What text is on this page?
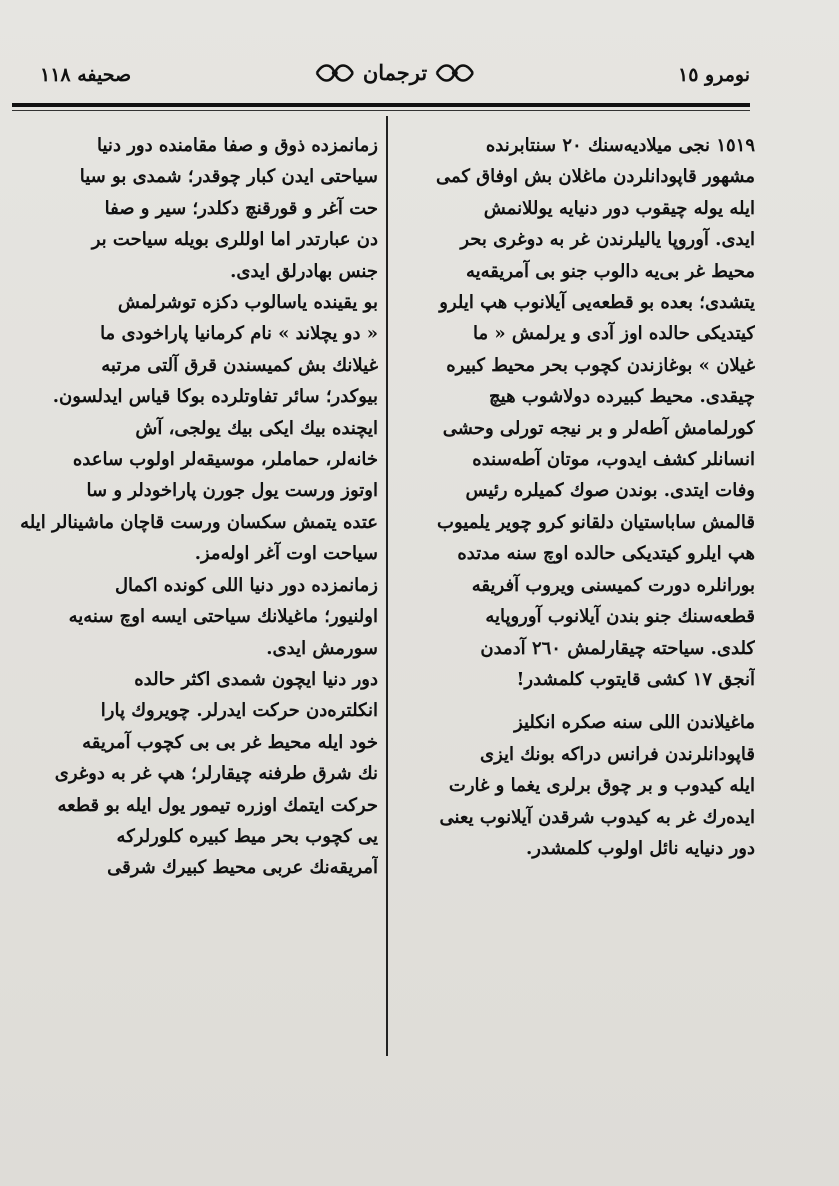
نومرو ١٥
ترجمان
صحيفه ١١٨
١٥١٩ نجی میلادیه‌سنك ٢٠ سنتابرنده
مشهور قاپودانلردن ماغلان بش اوفاق کمی
ایله یوله چیقوب دور دنیایه یوللانمش
ایدی. آوروپا یالیلرندن غر به دوغری بحر
محیط غر بی‌یه دالوب جنو بی آمریقه‌یه
یتشدی؛ بعده بو قطعه‌یی آیلانوب هپ ایلرو
کیتدیکی حالده اوز آدی و یرلمش « ما
غیلان » بوغازندن کچوب بحر محیط کبیره
چیقدی. محیط کبیرده دولاشوب هیچ
کورلمامش آطه‌لر و بر نیجه تورلی وحشی
انسانلر کشف ایدوب، موتان آطه‌سنده
وفات ایتدی. بوندن صوك کمیلره رئیس
قالمش ساباستیان دلقانو کرو چویر یلمیوب
هپ ایلرو کیتدیکی حالده اوچ سنه مدتده
بورانلره دورت کمیسنی ویروب آفریقه
قطعه‌سنك جنو بندن آیلانوب آوروپایه
کلدی. سیاحته چیقارلمش ٢٦٠ آدمدن
آنجق ١٧ کشی قایتوب کلمشدر!
ماغیلاندن اللی سنه صکره انکلیز
قاپودانلرندن فرانس دراکه بونك ایزی
ایله کیدوب و بر چوق برلری یغما و غارت
ایده‌رك غر به کیدوب شرقدن آیلانوب یعنی
دور دنیایه نائل اولوب کلمشدر.
زمانمزده ذوق و صفا مقامنده دور دنیا
سیاحتی ایدن کبار چوقدر؛ شمدی بو سیا
حت آغر و قورقنچ دکلدر؛ سیر و صفا
دن عبارتدر اما اوللری بویله سیاحت بر
جنس بهادرلق ایدی.
بو یقینده یاسالوب دکزه توشرلمش
« دو یچلاند » نام کرمانیا پاراخودی ما
غیلانك بش کمیسندن قرق آلتی مرتبه
بیوکدر؛ سائر تفاوتلرده بوکا قیاس ایدلسون.
ایچنده بیك ایکی بیك یولجی، آش
خانه‌لر، حماملر، موسیقه‌لر اولوب ساعده
اوتوز ورست یول جورن پاراخودلر و سا
عتده یتمش سکسان ورست قاچان ماشینالر ایله
سیاحت اوت آغر اوله‌مز.
زمانمزده دور دنیا اللی کونده اکمال
اولنیور؛ ماغیلانك سیاحتی ایسه اوچ سنه‌یه
سورمش ایدی.
دور دنیا ایچون شمدی اکثر حالده
انکلتره‌دن حرکت ایدرلر. چویروك پارا
خود ایله محیط غر بی بی کچوب آمریقه
نك شرق طرفنه چیقارلر؛ هپ غر به دوغری
حرکت ایتمك اوزره تیمور یول ایله بو قطعه
یی کچوب بحر میط کبیره کلورلرکه
آمریقه‌نك عربی محیط کبیرك شرقی
